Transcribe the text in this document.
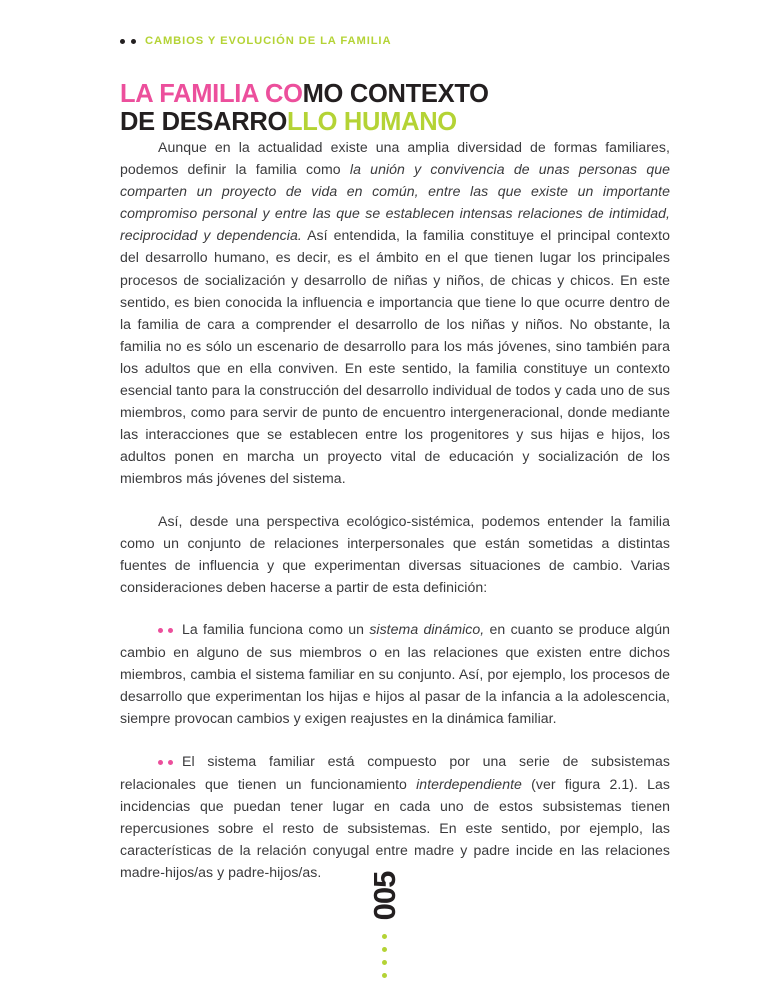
CAMBIOS Y EVOLUCIÓN DE LA FAMILIA
LA FAMILIA COMO CONTEXTO
DE DESARROLLO HUMANO

Aunque en la actualidad existe una amplia diversidad de formas familiares, podemos definir la familia como la unión y convivencia de unas personas que comparten un proyecto de vida en común, entre las que existe un importante compromiso personal y entre las que se establecen intensas relaciones de intimidad, reciprocidad y dependencia. Así entendida, la familia constituye el principal contexto del desarrollo humano, es decir, es el ámbito en el que tienen lugar los principales procesos de socialización y desarrollo de niñas y niños, de chicas y chicos. En este sentido, es bien conocida la influencia e importancia que tiene lo que ocurre dentro de la familia de cara a comprender el desarrollo de los niñas y niños. No obstante, la familia no es sólo un escenario de desarrollo para los más jóvenes, sino también para los adultos que en ella conviven. En este sentido, la familia constituye un contexto esencial tanto para la construcción del desarrollo individual de todos y cada uno de sus miembros, como para servir de punto de encuentro intergeneracional, donde mediante las interacciones que se establecen entre los progenitores y sus hijas e hijos, los adultos ponen en marcha un proyecto vital de educación y socialización de los miembros más jóvenes del sistema.

Así, desde una perspectiva ecológico-sistémica, podemos entender la familia como un conjunto de relaciones interpersonales que están sometidas a distintas fuentes de influencia y que experimentan diversas situaciones de cambio. Varias consideraciones deben hacerse a partir de esta definición:

La familia funciona como un sistema dinámico, en cuanto se produce algún cambio en alguno de sus miembros o en las relaciones que existen entre dichos miembros, cambia el sistema familiar en su conjunto. Así, por ejemplo, los procesos de desarrollo que experimentan los hijas e hijos al pasar de la infancia a la adolescencia, siempre provocan cambios y exigen reajustes en la dinámica familiar.

El sistema familiar está compuesto por una serie de subsistemas relacionales que tienen un funcionamiento interdependiente (ver figura 2.1). Las incidencias que puedan tener lugar en cada uno de estos subsistemas tienen repercusiones sobre el resto de subsistemas. En este sentido, por ejemplo, las características de la relación conyugal entre madre y padre incide en las relaciones madre-hijos/as y padre-hijos/as.	005
